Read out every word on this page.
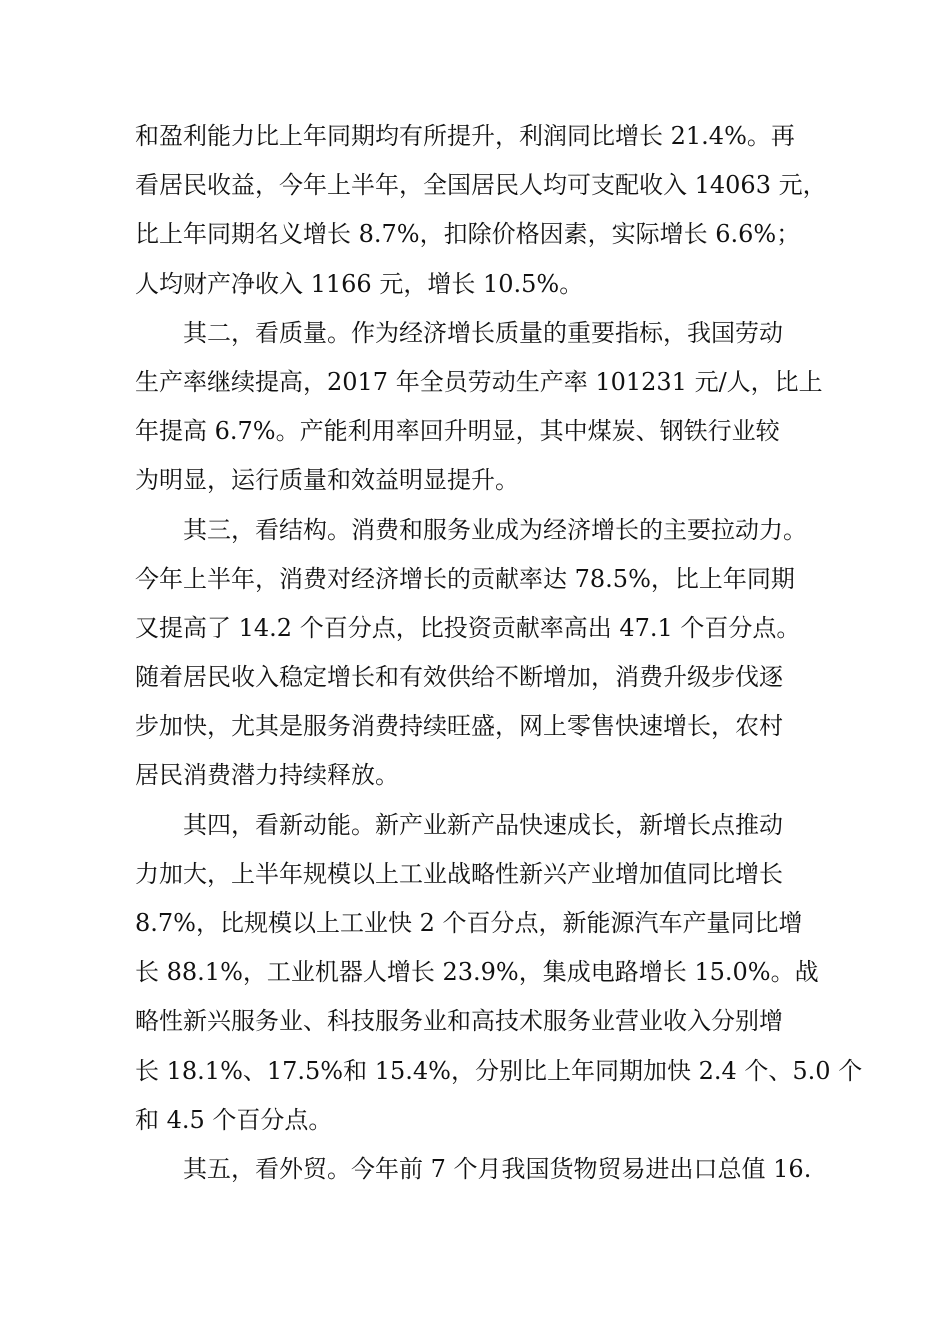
和盈利能力比上年同期均有所提升，利润同比增长 21.4%。再
看居民收益，今年上半年，全国居民人均可支配收入 14063 元，
比上年同期名义增长 8.7%，扣除价格因素，实际增长 6.6%；
人均财产净收入 1166 元，增长 10.5%。
其二，看质量。作为经济增长质量的重要指标，我国劳动
生产率继续提高，2017 年全员劳动生产率 101231 元/人，比上
年提高 6.7%。产能利用率回升明显，其中煤炭、钢铁行业较
为明显，运行质量和效益明显提升。
其三，看结构。消费和服务业成为经济增长的主要拉动力。
今年上半年，消费对经济增长的贡献率达 78.5%，比上年同期
又提高了 14.2 个百分点，比投资贡献率高出 47.1 个百分点。
随着居民收入稳定增长和有效供给不断增加，消费升级步伐逐
步加快，尤其是服务消费持续旺盛，网上零售快速增长，农村
居民消费潜力持续释放。
其四，看新动能。新产业新产品快速成长，新增长点推动
力加大，上半年规模以上工业战略性新兴产业增加值同比增长
8.7%，比规模以上工业快 2 个百分点，新能源汽车产量同比增
长 88.1%，工业机器人增长 23.9%，集成电路增长 15.0%。战
略性新兴服务业、科技服务业和高技术服务业营业收入分别增
长 18.1%、17.5%和 15.4%，分别比上年同期加快 2.4 个、5.0 个
和 4.5 个百分点。
其五，看外贸。今年前 7 个月我国货物贸易进出口总值 16.
